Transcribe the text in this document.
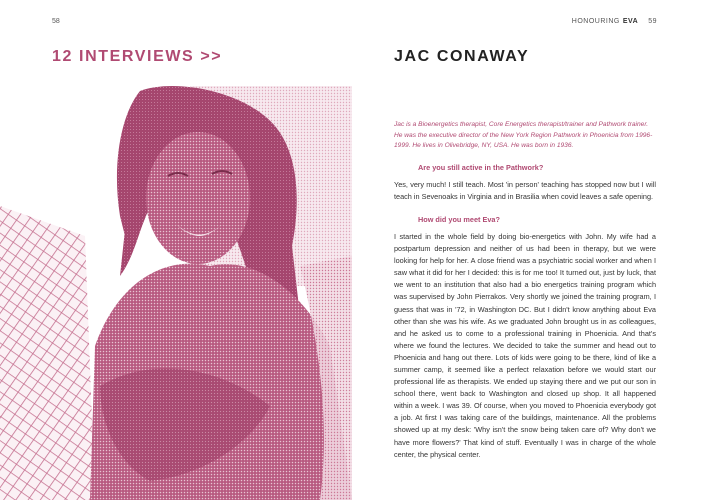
58
12 INTERVIEWS >>
HONOURING EVA 59
JAC CONAWAY

Jac is a Bioenergetics therapist, Core Energetics therapist/trainer and Pathwork trainer. He was the executive director of the New York Region Pathwork in Phoenicia from 1996-1999. He lives in Olivebridge, NY, USA. He was born in 1936.

Are you still active in the Pathwork?

Yes, very much! I still teach. Most 'in person' teaching has stopped now but I will teach in Sevenoaks in Virginia and in Brasilia when covid leaves a safe opening.

How did you meet Eva?

I started in the whole field by doing bio-energetics with John. My wife had a postpartum depression and neither of us had been in therapy, but we were looking for help for her. A close friend was a psychiatric social worker and when I saw what it did for her I decided: this is for me too! It turned out, just by luck, that we went to an institution that also had a bio energetics training program which was supervised by John Pierrakos. Very shortly we joined the training program, I guess that was in '72, in Washington DC. But I didn't know anything about Eva other than she was his wife. As we graduated John brought us in as colleagues, and he asked us to come to a professional training in Phoenicia. And that's where we found the lectures. We decided to take the summer and head out to Phoenicia and hang out there. Lots of kids were going to be there, kind of like a summer camp, it seemed like a perfect relaxation before we would start our professional life as therapists. We ended up staying there and we put our son in school there, went back to Washington and closed up shop. It all happened within a week. I was 39. Of course, when you moved to Phoenicia everybody got a job. At first I was taking care of the buildings, maintenance. All the problems showed up at my desk: 'Why isn't the snow being taken care of? Why don't we have more flowers?' That kind of stuff. Eventually I was in charge of the whole center, the physical center.
